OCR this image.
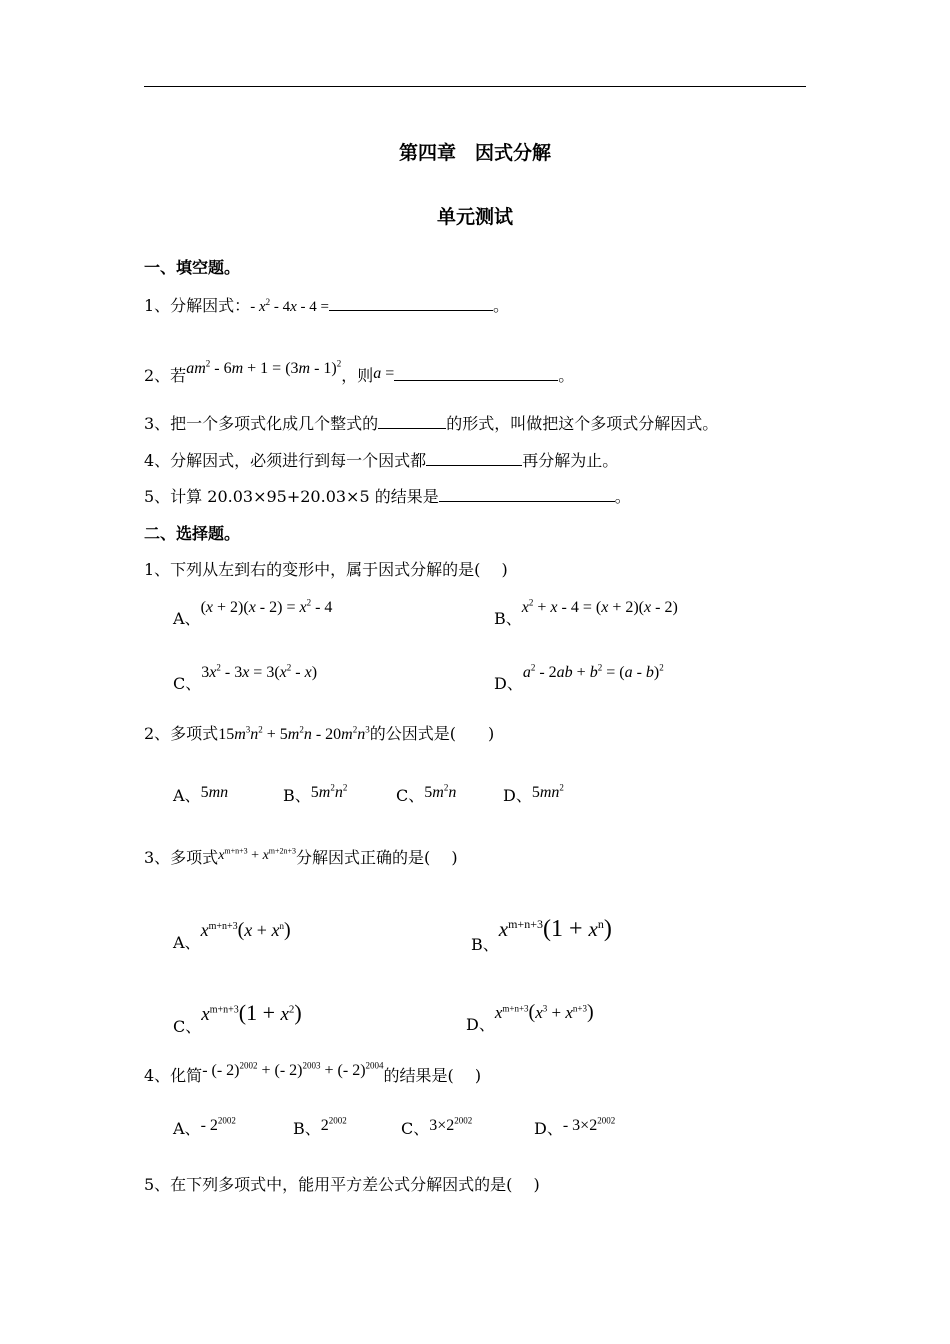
第四章　因式分解
单元测试
一、填空题。
1、分解因式：- $x^2 - 4x - 4$ =	。
2、若$am^2 - 6m + 1 = (3m - 1)^2$，则a =	。
3、把一个多项式化成几个整式的	的形式，叫做把这个多项式分解因式。
4、分解因式，必须进行到每一个因式都	再分解为止。
5、计算 20.03×95+20.03×5 的结果是	。
二、选择题。
1、下列从左到右的变形中，属于因式分解的是(　 )
A、$(x + 2)(x - 2) = x^2 - 4$
B、$x^2 + x - 4 = (x + 2)(x - 2)$
C、$3x^2 - 3x = 3(x^2 - x)$
D、$a^2 - 2ab + b^2 = (a - b)^2$
2、多项式$15m^3n^2 + 5m^2n - 20m^2n^3$的公因式是(　　)
A、5mn	B、$5m^2n^2$	C、$5m^2n$	D、$5mn^2$
3、多项式$x^{m+n+3} + x^{m+2n+3}$分解因式正确的是(　 )
A、$x^{m+n+3}(x + x^n)$
B、$x^{m+n+3}(1 + x^n)$
C、$x^{m+n+3}(1 + x^2)$	D、$x^{m+n+3}(x^3 + x^{n+3})$
4、化简- (- 2)$^{2002}$ + (- 2)$^{2003}$ + (- 2)$^{2004}$的结果是(　 )
A、- $2^{2002}$	B、$2^{2002}$	C、$3\times 2^{2002}$	D、- $3\times 2^{2002}$
5、在下列多项式中，能用平方差公式分解因式的是(　 )
